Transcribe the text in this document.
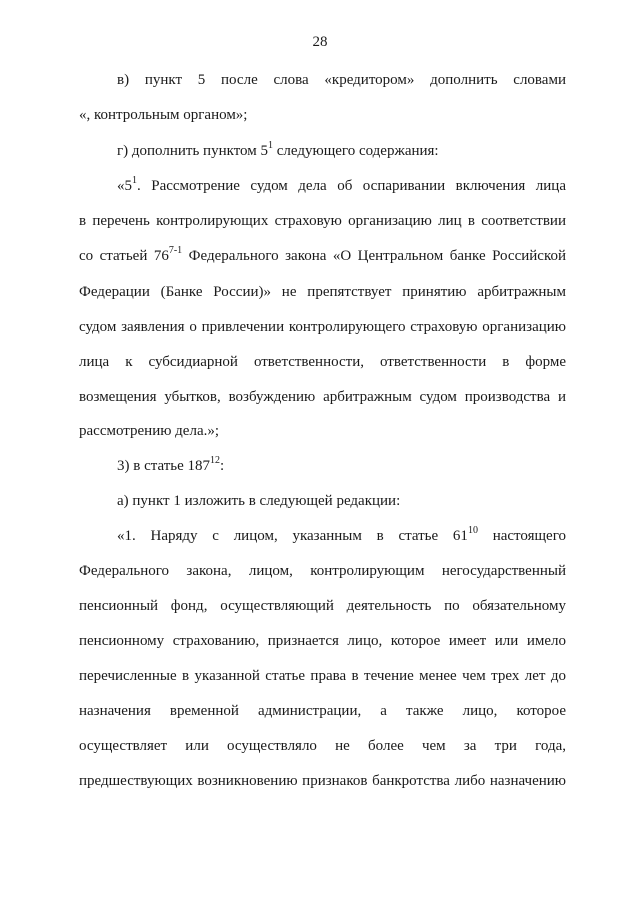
28
в) пункт 5 после слова «кредитором» дополнить словами
«, контрольным органом»;
г) дополнить пунктом $5^1$ следующего содержания:
«$5^1$. Рассмотрение судом дела об оспаривании включения лица
в перечень контролирующих страховую организацию лиц в соответствии
со статьей 76$^{7-1}$ Федерального закона «О Центральном банке Российской
Федерации (Банке России)» не препятствует принятию арбитражным
судом заявления о привлечении контролирующего страховую организацию
лица к субсидиарной ответственности, ответственности в форме
возмещения убытков, возбуждению арбитражным судом производства и
рассмотрению дела.»;
3) в статье $187^{12}$:
а) пункт 1 изложить в следующей редакции:
«1. Наряду с лицом, указанным в статье $61^{10}$ настоящего
Федерального закона, лицом, контролирующим негосударственный
пенсионный фонд, осуществляющий деятельность по обязательному
пенсионному страхованию, признается лицо, которое имеет или имело
перечисленные в указанной статье права в течение менее чем трех лет до
назначения временной администрации, а также лицо, которое
осуществляет или осуществляло не более чем за три года,
предшествующих возникновению признаков банкротства либо назначению
